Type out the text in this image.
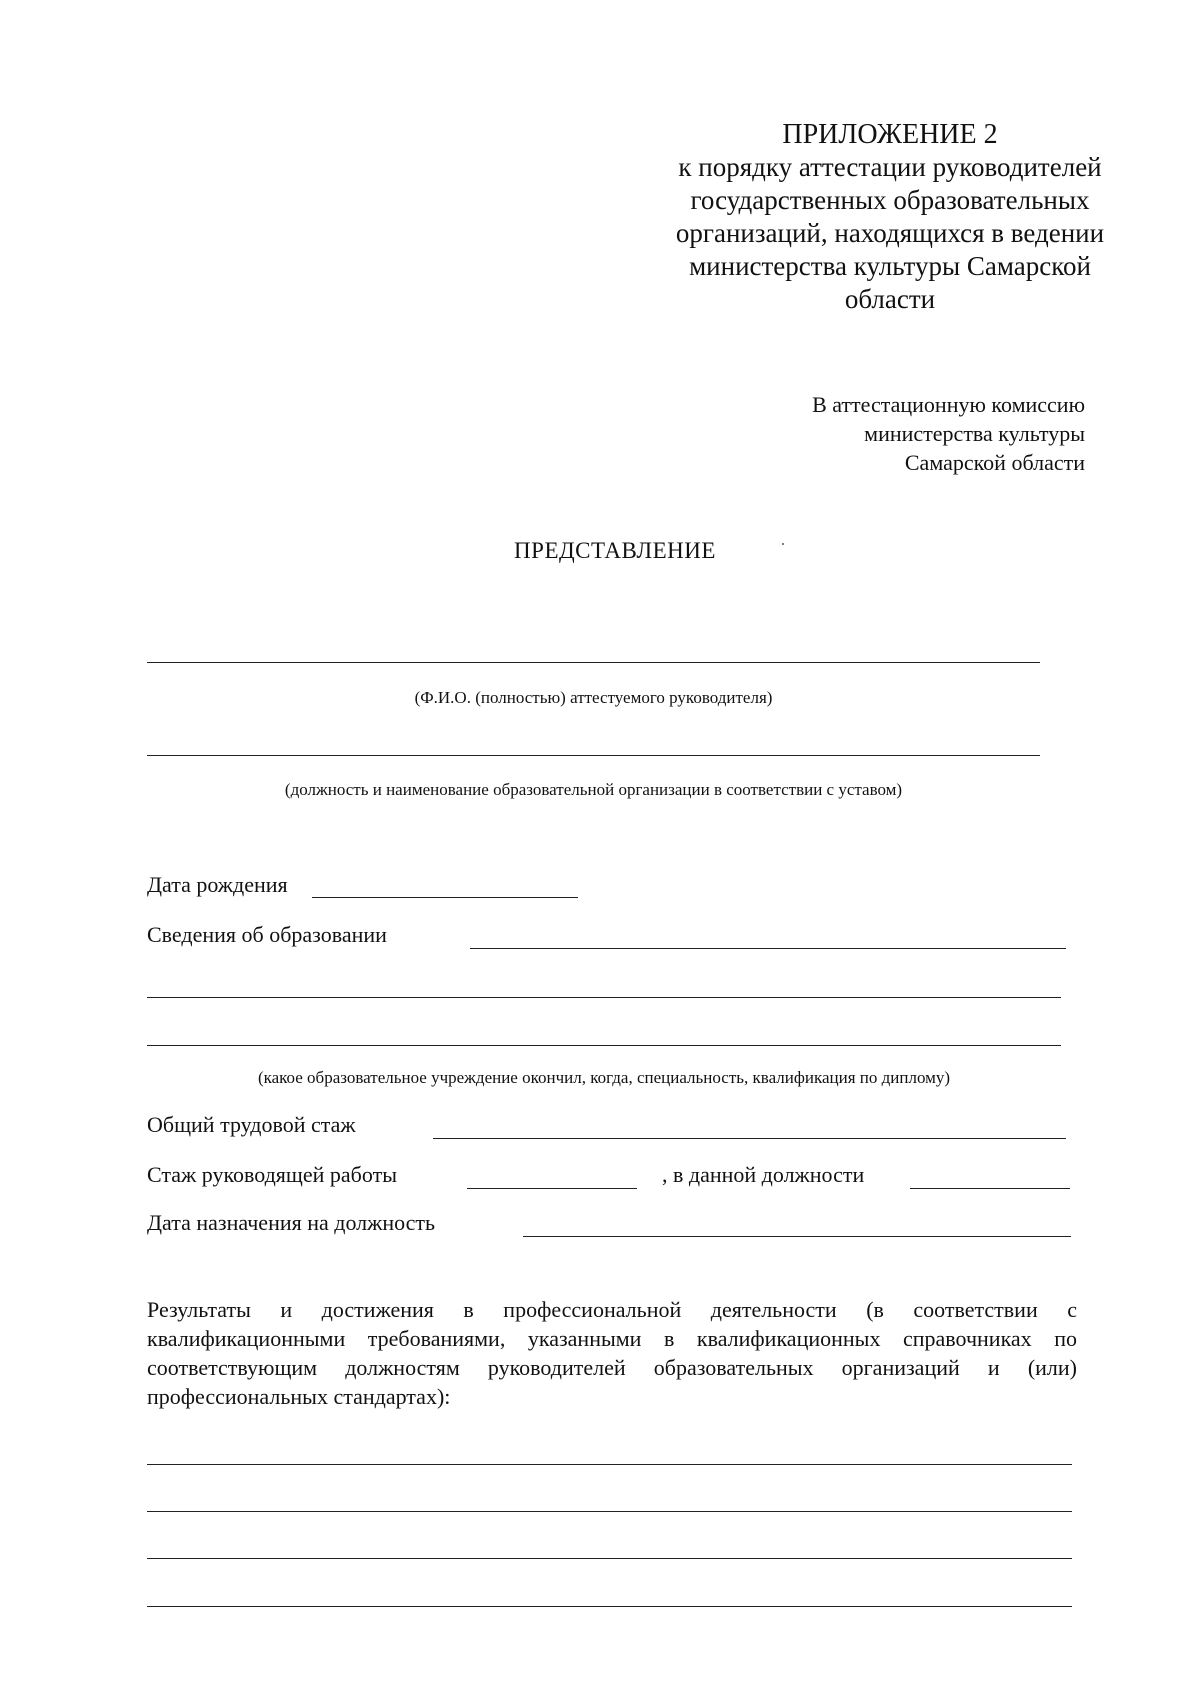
ПРИЛОЖЕНИЕ 2
к порядку аттестации руководителей
государственных образовательных
организаций, находящихся в ведении
министерства культуры Самарской
области
В аттестационную комиссию
министерства культуры
Самарской области
ПРЕДСТАВЛЕНИЕ
(Ф.И.О. (полностью) аттестуемого руководителя)
(должность и наименование образовательной организации в соответствии с уставом)
Дата рождения
Сведения об образовании
(какое образовательное учреждение окончил, когда, специальность, квалификация по диплому)
Общий трудовой стаж
Стаж руководящей работы	, в данной должности
Дата назначения на должность
Результаты и достижения в профессиональной деятельности (в соответствии с квалификационными требованиями, указанными в квалификационных справочниках по соответствующим должностям руководителей образовательных организаций и (или) профессиональных стандартах):
